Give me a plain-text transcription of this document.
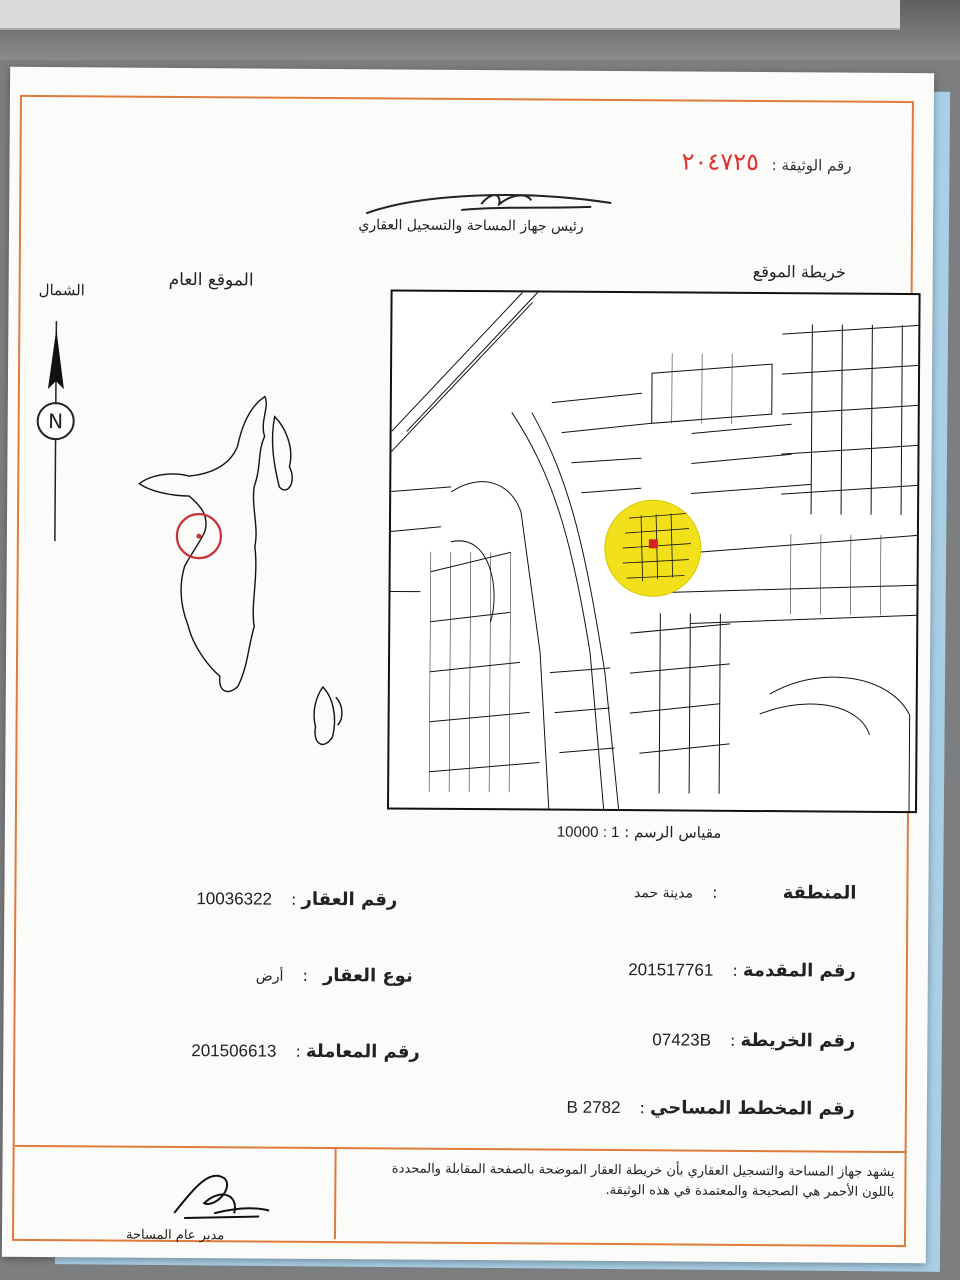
رقم الوثيقة : ٢٠٤٧٢٥
رئيس جهاز المساحة والتسجيل العقاري
خريطة الموقع
الموقع العام
الشمال
N
مقياس الرسم : 1 : 10000
المنطقة : مدينة حمد
رقم العقار : 10036322
رقم المقدمة : 201517761
نوع العقار : أرض
رقم الخريطة : 07423B
رقم المعاملة : 201506613
رقم المخطط المساحي : 2782 B
يشهد جهاز المساحة والتسجيل العقاري بأن خريطة العقار الموضحة بالصفحة المقابلة والمحددة باللون الأحمر هي الصحيحة والمعتمدة في هذه الوثيقة.
مدير عام المساحة
